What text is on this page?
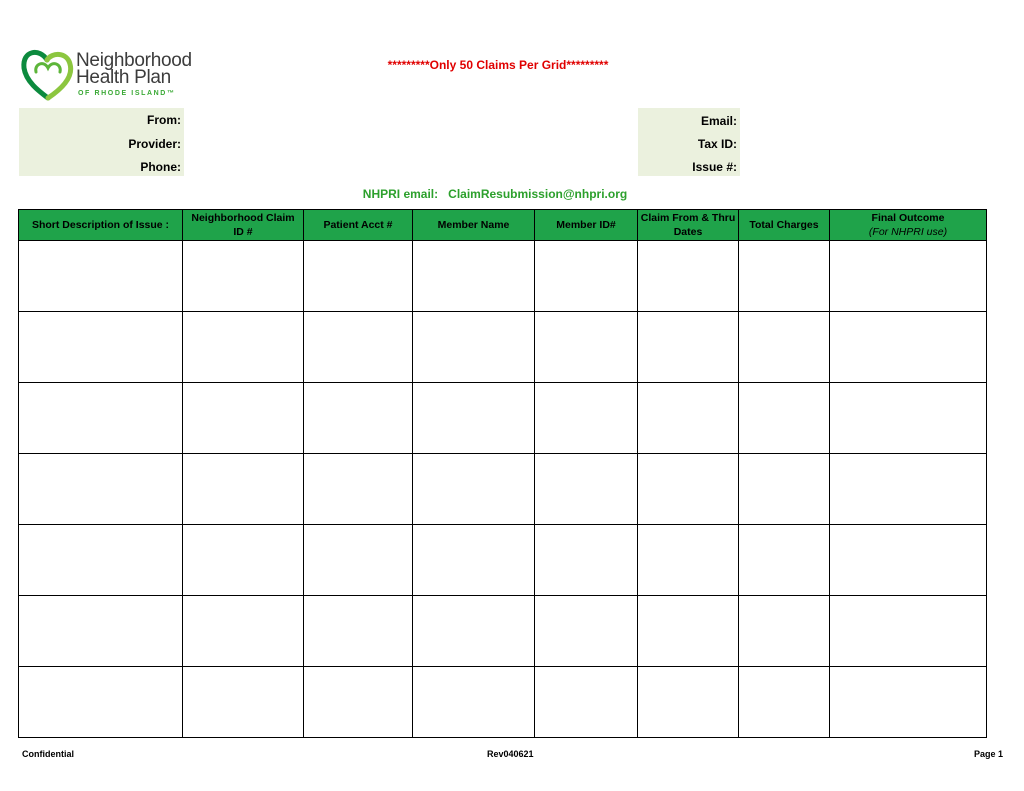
Neighborhood
Health Plan
OF RHODE ISLAND™
*********Only 50 Claims Per Grid*********
From:
Provider:
Phone:
Email:
Tax ID:
Issue #:
NHPRI email: ClaimResubmission@nhpri.org
Short Description of Issue :	Neighborhood Claim ID #	Patient Acct #	Member Name	Member ID#	Claim From & Thru Dates	Total Charges	Final Outcome
(For NHPRI use)

Confidential	Rev040621	Page 1
